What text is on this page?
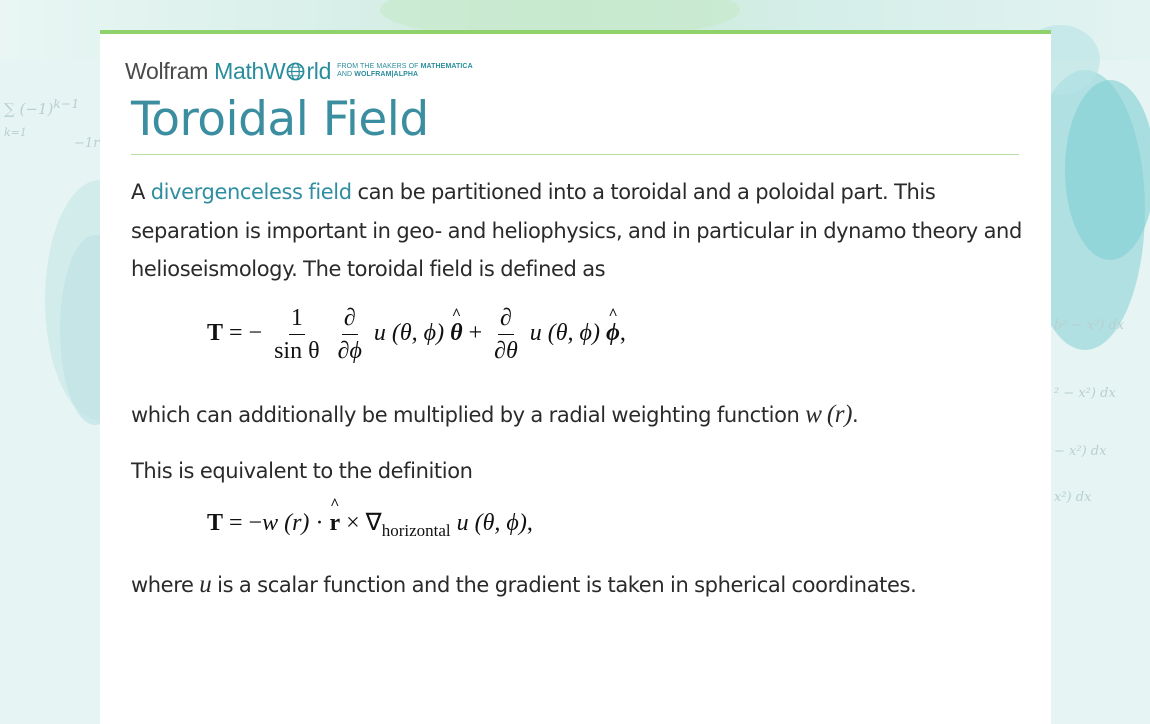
∑ $(-1)^{k-1}$
k=1
−1r
b² − x²) dx
² − x²) dx
− x²) dx
x²) dx
Wolfram MathW rld FROM THE MAKERS OF MATHEMATICA
AND WOLFRAM|ALPHA
Toroidal Field

A divergenceless field can be partitioned into a toroidal and a poloidal part. This separation is important in geo- and heliophysics, and in particular in dynamo theory and helioseismology. The toroidal field is defined as

T = − $\frac{1}{\text{sin θ}}$
$\frac{\partial}{\partial\phi}$ u (θ, ϕ) ^ $\theta + \frac{\partial}{\partial\theta}$ u (θ, ϕ) ^ ϕ,

which can additionally be multiplied by a radial weighting function w (r).

This is equivalent to the definition

T = −w (r) · ^ $r \times \nabla_{horizontal}$ u (θ, ϕ),

where u is a scalar function and the gradient is taken in spherical coordinates.
